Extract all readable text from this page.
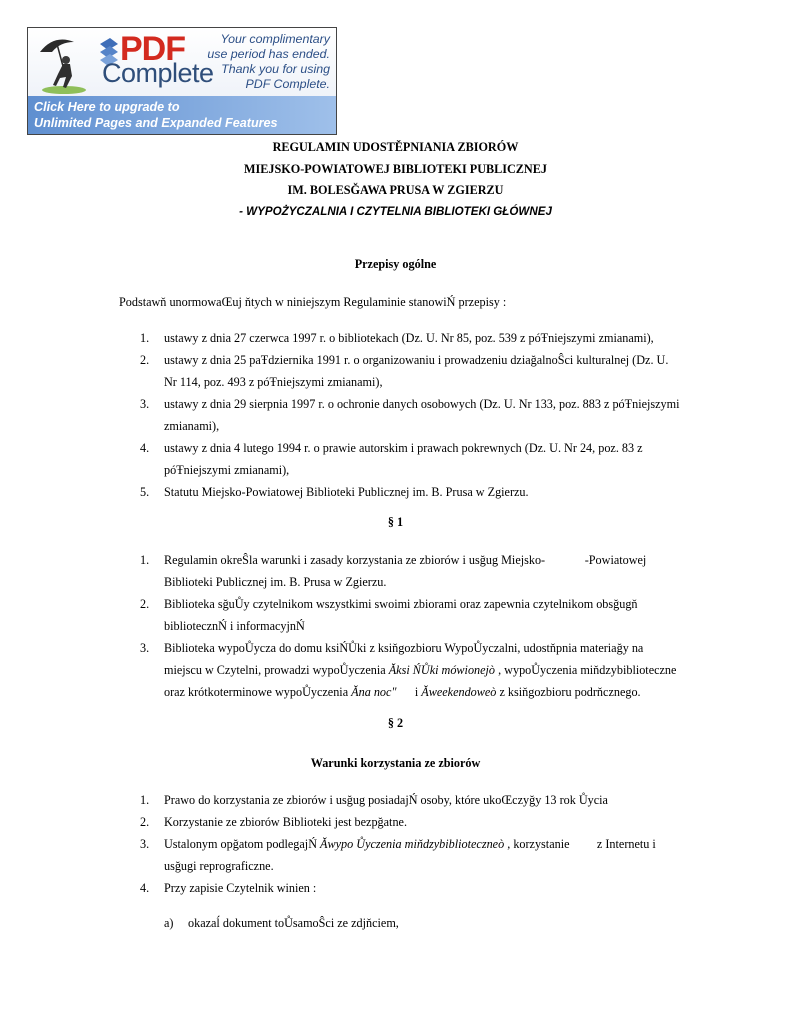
PDF
Complete
Your complimentary
use period has ended.
Thank you for using
PDF Complete.
Click Here to upgrade to
Unlimited Pages and Expanded Features
REGULAMIN UDOSTĚPNIANIA ZBIORÓW
MIEJSKO-POWIATOWEJ BIBLIOTEKI PUBLICZNEJ
IM. BOLESĞAWA PRUSA W ZGIERZU
- WYPOŻYCZALNIA I CZYTELNIA BIBLIOTEKI GŁÓWNEJ
Przepisy ogólne
Podstawň unormowaŒuj ňtych w niniejszym Regulaminie stanowiŃ przepisy :
1. ustawy z dnia 27 czerwca 1997 r. o bibliotekach (Dz. U. Nr 85, poz. 539 z póŦniejszymi zmianami),
2. ustawy z dnia 25 paŦdziernika 1991 r. o organizowaniu i prowadzeniu dziağalnoŜci kulturalnej (Dz. U. Nr 114, poz. 493 z póŦniejszymi zmianami),
3. ustawy z dnia 29 sierpnia 1997 r. o ochronie danych osobowych (Dz. U. Nr 133, poz. 883 z póŦniejszymi zmianami),
4. ustawy z dnia 4 lutego 1994 r. o prawie autorskim i prawach pokrewnych (Dz. U. Nr 24, poz. 83 z póŦniejszymi zmianami),
5. Statutu Miejsko-Powiatowej Biblioteki Publicznej im. B. Prusa w Zgierzu.
§ 1
1. Regulamin okreŜla warunki i zasady korzystania ze zbiorów i usğug Miejsko-             -Powiatowej Biblioteki Publicznej im. B. Prusa w Zgierzu.
2. Biblioteka sğuŮy czytelnikom wszystkimi swoimi zbiorami oraz zapewnia czytelnikom obsğugň bibliotecznŃ i informacyjnŃ
3. Biblioteka wypoŮycza do domu ksiŃŮki z ksiňgozbioru WypoŮyczalni, udostňpnia materiağy na miejscu w Czytelni, prowadzi wypoŮyczenia Ăksi ŃŮki mówionejò , wypoŮyczenia miňdzybiblioteczne oraz krótkoterminowe wypoŮyczenia Ăna noc"      i Ăweekendoweò z ksiňgozbioru podrňcznego.
§ 2
Warunki korzystania ze zbiorów
1. Prawo do korzystania ze zbiorów i usğug posiadajŃ osoby, które ukoŒczyğy 13 rok Ůycia
2. Korzystanie ze zbiorów Biblioteki jest bezpğatne.
3. Ustalonym opğatom podlegajŃ Ăwypo Ůyczenia miňdzybiblioteczneò , korzystanie         z Internetu i usğugi reprograficzne.
4. Przy zapisie Czytelnik winien :
a) okazaĺ dokument toŮsamoŜci ze zdjňciem,
